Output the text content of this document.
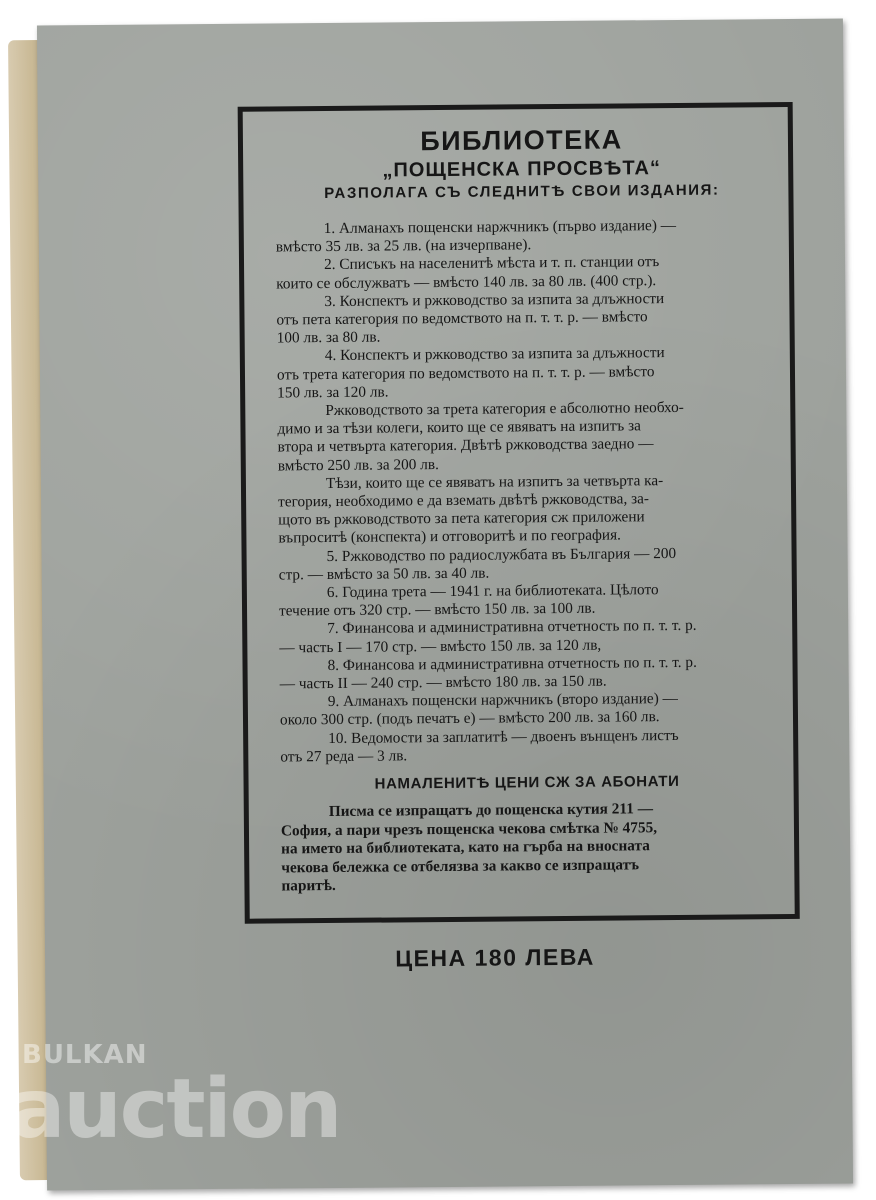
БИБЛИОТЕКА
„ПОЩЕНСКА ПРОСВѢТА“
РАЗПОЛАГА СЪ СЛЕДНИТѢ СВОИ ИЗДАНИЯ:
1. Алманахъ пощенски наржчникъ (първо издание) —
вмѣсто 35 лв. за 25 лв. (на изчерпване).
2. Списъкъ на населенитѣ мѣста и т. п. станции отъ
които се обслужватъ — вмѣсто 140 лв. за 80 лв. (400 стр.).
3. Конспектъ и ржководство за изпита за длъжности
отъ пета категория по ведомството на п. т. т. р. — вмѣсто
100 лв. за 80 лв.
4. Конспектъ и ржководство за изпита за длъжности
отъ трета категория по ведомството на п. т. т. р. — вмѣсто
150 лв. за 120 лв.
Ржководството за трета категория е абсолютно необхо-
димо и за тѣзи колеги, които ще се явяватъ на изпитъ за
втора и четвърта категория. Двѣтѣ ржководства заедно —
вмѣсто 250 лв. за 200 лв.
Тѣзи, които ще се явяватъ на изпитъ за четвърта ка-
тегория, необходимо е да вземать двѣтѣ ржководства, за-
щото въ ржководството за пета категория сж приложени
въпроситѣ (конспекта) и отговоритѣ и по география.
5. Ржководство по радиослужбата въ България — 200
стр. — вмѣсто за 50 лв. за 40 лв.
6. Година трета — 1941 г. на библиотеката. Цѣлото
течение отъ 320 стр. — вмѣсто 150 лв. за 100 лв.
7. Финансова и административна отчетность по п. т. т. р.
— часть I — 170 стр. — вмѣсто 150 лв. за 120 лв,
8. Финансова и административна отчетность по п. т. т. р.
— часть II — 240 стр. — вмѣсто 180 лв. за 150 лв.
9. Алманахъ пощенски наржчникъ (второ издание) —
около 300 стр. (подъ печатъ е) — вмѣсто 200 лв. за 160 лв.
10. Ведомости за заплатитѣ — двоенъ вънщенъ листъ
отъ 27 реда — 3 лв.
НАМАЛЕНИТѢ ЦЕНИ СЖ ЗА АБОНАТИ
Писма се изпращатъ до пощенска кутия 211 —
София, а пари чрезъ пощенска чекова смѣтка № 4755,
на името на библиотеката, като на гърба на вносната
чекова бележка се отбелязва за какво се изпращатъ
паритѣ.
ЦЕНА 180 ЛЕВА
BULKAN
auction
